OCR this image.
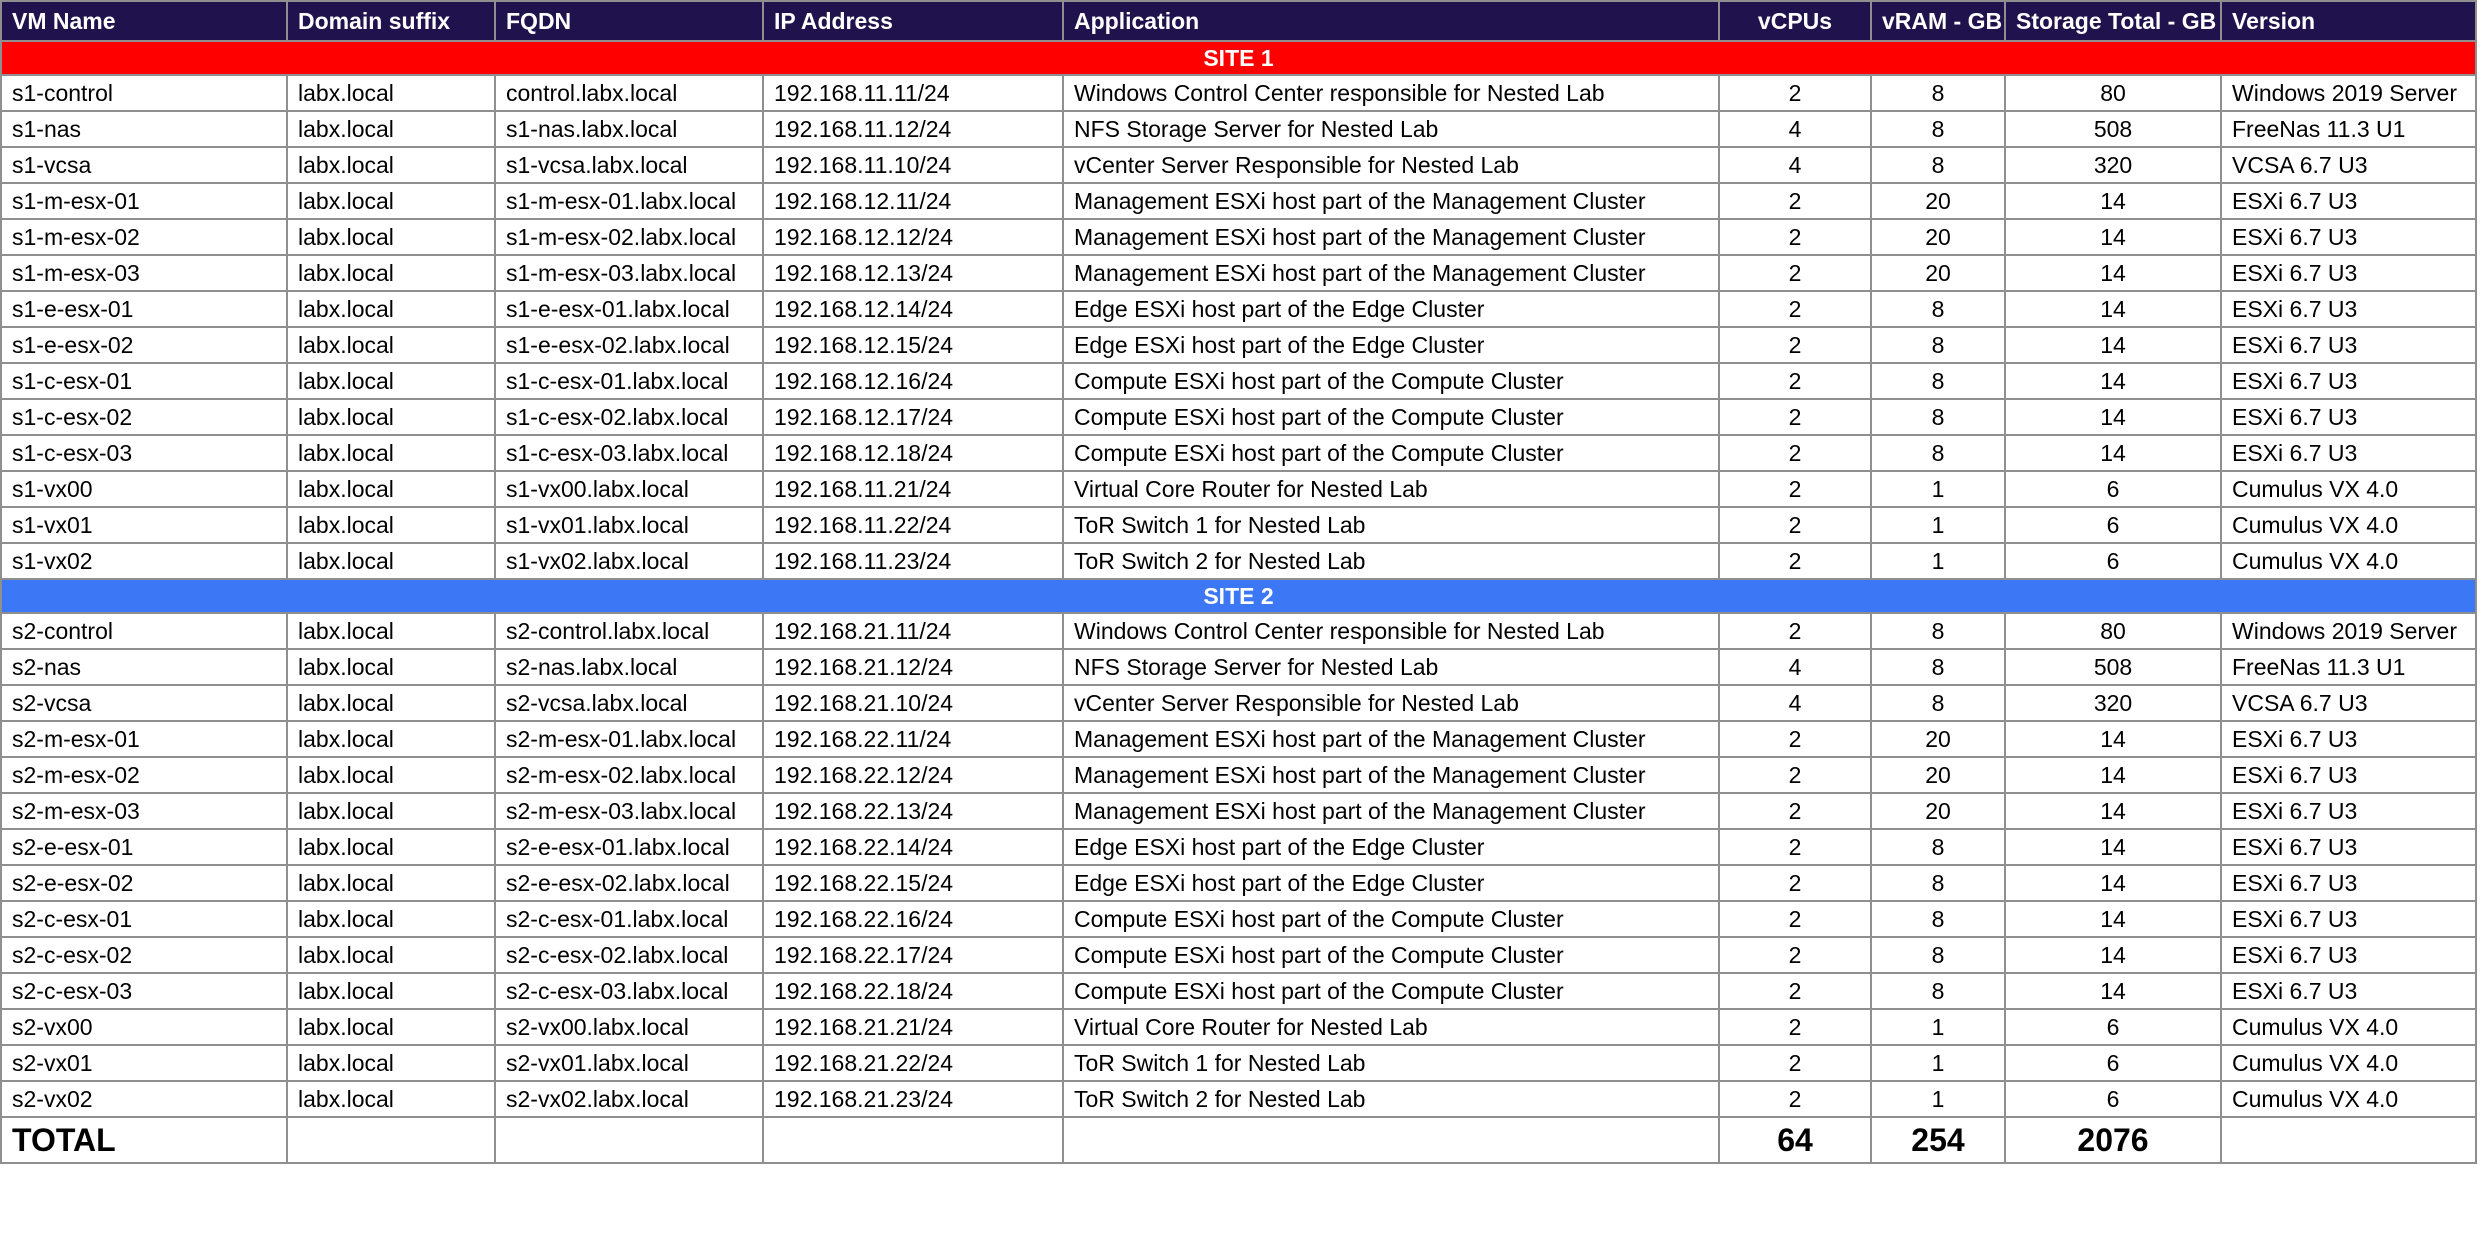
VM Name	Domain suffix	FQDN	IP Address	Application	vCPUs	vRAM - GB	Storage Total - GB	Version
SITE 1								
s1-control	labx.local	control.labx.local	192.168.11.11/24	Windows Control Center responsible for Nested Lab	2	8	80	Windows 2019 Server
s1-nas	labx.local	s1-nas.labx.local	192.168.11.12/24	NFS Storage Server for Nested Lab	4	8	508	FreeNas 11.3 U1
s1-vcsa	labx.local	s1-vcsa.labx.local	192.168.11.10/24	vCenter Server Responsible for Nested Lab	4	8	320	VCSA 6.7 U3
s1-m-esx-01	labx.local	s1-m-esx-01.labx.local	192.168.12.11/24	Management ESXi host part of the Management Cluster	2	20	14	ESXi 6.7 U3
s1-m-esx-02	labx.local	s1-m-esx-02.labx.local	192.168.12.12/24	Management ESXi host part of the Management Cluster	2	20	14	ESXi 6.7 U3
s1-m-esx-03	labx.local	s1-m-esx-03.labx.local	192.168.12.13/24	Management ESXi host part of the Management Cluster	2	20	14	ESXi 6.7 U3
s1-e-esx-01	labx.local	s1-e-esx-01.labx.local	192.168.12.14/24	Edge ESXi host part of the Edge Cluster	2	8	14	ESXi 6.7 U3
s1-e-esx-02	labx.local	s1-e-esx-02.labx.local	192.168.12.15/24	Edge ESXi host part of the Edge Cluster	2	8	14	ESXi 6.7 U3
s1-c-esx-01	labx.local	s1-c-esx-01.labx.local	192.168.12.16/24	Compute ESXi host part of the Compute Cluster	2	8	14	ESXi 6.7 U3
s1-c-esx-02	labx.local	s1-c-esx-02.labx.local	192.168.12.17/24	Compute ESXi host part of the Compute Cluster	2	8	14	ESXi 6.7 U3
s1-c-esx-03	labx.local	s1-c-esx-03.labx.local	192.168.12.18/24	Compute ESXi host part of the Compute Cluster	2	8	14	ESXi 6.7 U3
s1-vx00	labx.local	s1-vx00.labx.local	192.168.11.21/24	Virtual Core Router for Nested Lab	2	1	6	Cumulus VX 4.0
s1-vx01	labx.local	s1-vx01.labx.local	192.168.11.22/24	ToR Switch 1 for Nested Lab	2	1	6	Cumulus VX 4.0
s1-vx02	labx.local	s1-vx02.labx.local	192.168.11.23/24	ToR Switch 2 for Nested Lab	2	1	6	Cumulus VX 4.0
SITE 2								
s2-control	labx.local	s2-control.labx.local	192.168.21.11/24	Windows Control Center responsible for Nested Lab	2	8	80	Windows 2019 Server
s2-nas	labx.local	s2-nas.labx.local	192.168.21.12/24	NFS Storage Server for Nested Lab	4	8	508	FreeNas 11.3 U1
s2-vcsa	labx.local	s2-vcsa.labx.local	192.168.21.10/24	vCenter Server Responsible for Nested Lab	4	8	320	VCSA 6.7 U3
s2-m-esx-01	labx.local	s2-m-esx-01.labx.local	192.168.22.11/24	Management ESXi host part of the Management Cluster	2	20	14	ESXi 6.7 U3
s2-m-esx-02	labx.local	s2-m-esx-02.labx.local	192.168.22.12/24	Management ESXi host part of the Management Cluster	2	20	14	ESXi 6.7 U3
s2-m-esx-03	labx.local	s2-m-esx-03.labx.local	192.168.22.13/24	Management ESXi host part of the Management Cluster	2	20	14	ESXi 6.7 U3
s2-e-esx-01	labx.local	s2-e-esx-01.labx.local	192.168.22.14/24	Edge ESXi host part of the Edge Cluster	2	8	14	ESXi 6.7 U3
s2-e-esx-02	labx.local	s2-e-esx-02.labx.local	192.168.22.15/24	Edge ESXi host part of the Edge Cluster	2	8	14	ESXi 6.7 U3
s2-c-esx-01	labx.local	s2-c-esx-01.labx.local	192.168.22.16/24	Compute ESXi host part of the Compute Cluster	2	8	14	ESXi 6.7 U3
s2-c-esx-02	labx.local	s2-c-esx-02.labx.local	192.168.22.17/24	Compute ESXi host part of the Compute Cluster	2	8	14	ESXi 6.7 U3
s2-c-esx-03	labx.local	s2-c-esx-03.labx.local	192.168.22.18/24	Compute ESXi host part of the Compute Cluster	2	8	14	ESXi 6.7 U3
s2-vx00	labx.local	s2-vx00.labx.local	192.168.21.21/24	Virtual Core Router for Nested Lab	2	1	6	Cumulus VX 4.0
s2-vx01	labx.local	s2-vx01.labx.local	192.168.21.22/24	ToR Switch 1 for Nested Lab	2	1	6	Cumulus VX 4.0
s2-vx02	labx.local	s2-vx02.labx.local	192.168.21.23/24	ToR Switch 2 for Nested Lab	2	1	6	Cumulus VX 4.0
TOTAL					64	254	2076	
